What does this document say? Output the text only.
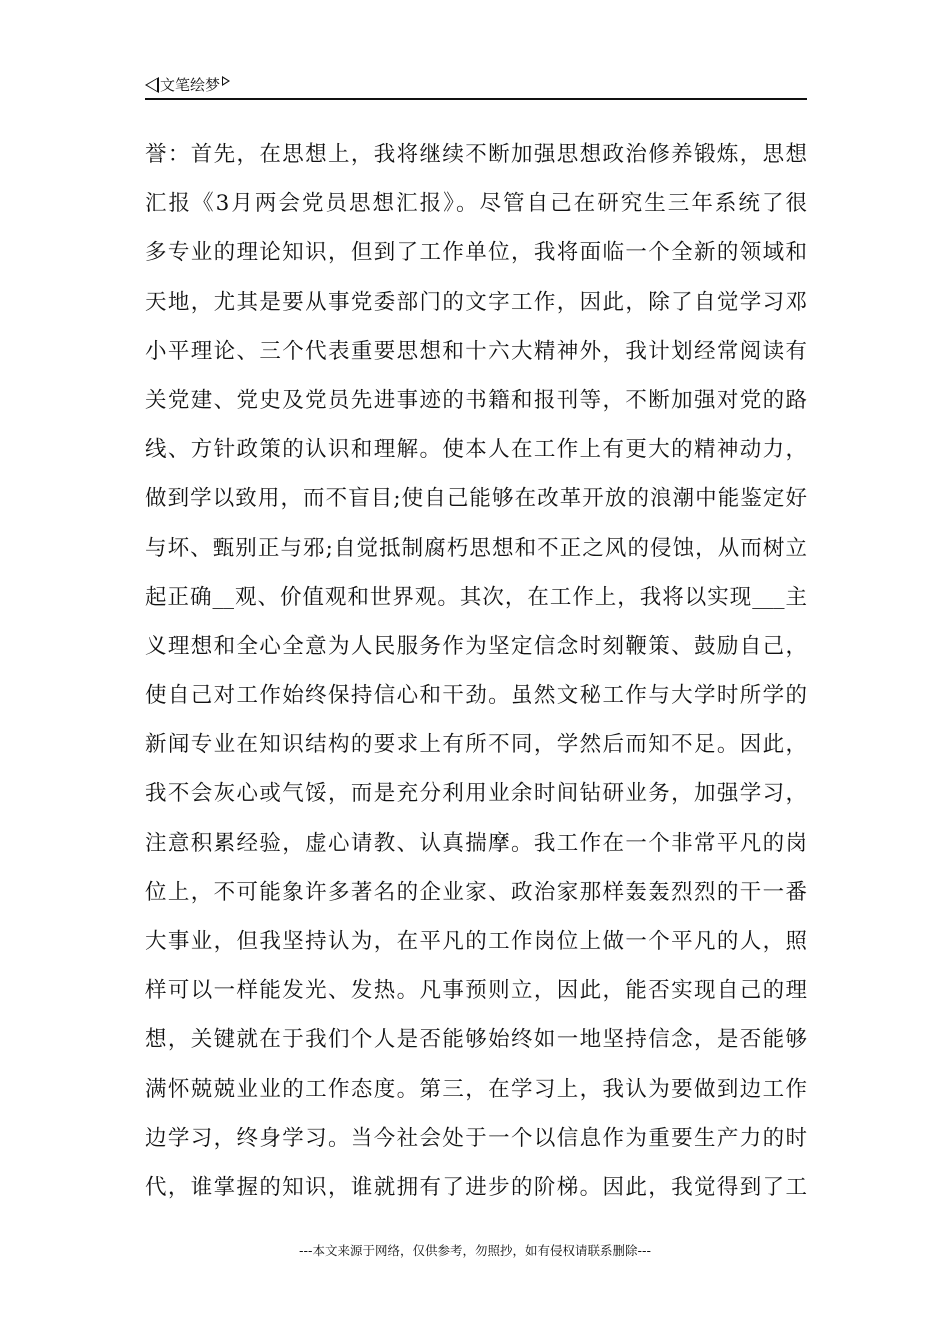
文笔绘梦
誉：首先，在思想上，我将继续不断加强思想政治修养锻炼，思想
汇报《3月两会党员思想汇报》。尽管自己在研究生三年系统了很
多专业的理论知识，但到了工作单位，我将面临一个全新的领域和
天地，尤其是要从事党委部门的文字工作，因此，除了自觉学习邓
小平理论、三个代表重要思想和十六大精神外，我计划经常阅读有
关党建、党史及党员先进事迹的书籍和报刊等，不断加强对党的路
线、方针政策的认识和理解。使本人在工作上有更大的精神动力，
做到学以致用，而不盲目;使自己能够在改革开放的浪潮中能鉴定好
与坏、甄别正与邪;自觉抵制腐朽思想和不正之风的侵蚀，从而树立
起正确__观、价值观和世界观。其次，在工作上，我将以实现___主
义理想和全心全意为人民服务作为坚定信念时刻鞭策、鼓励自己，
使自己对工作始终保持信心和干劲。虽然文秘工作与大学时所学的
新闻专业在知识结构的要求上有所不同，学然后而知不足。因此，
我不会灰心或气馁，而是充分利用业余时间钻研业务，加强学习，
注意积累经验，虚心请教、认真揣摩。我工作在一个非常平凡的岗
位上，不可能象许多著名的企业家、政治家那样轰轰烈烈的干一番
大事业，但我坚持认为，在平凡的工作岗位上做一个平凡的人，照
样可以一样能发光、发热。凡事预则立，因此，能否实现自己的理
想，关键就在于我们个人是否能够始终如一地坚持信念，是否能够
满怀兢兢业业的工作态度。第三，在学习上，我认为要做到边工作
边学习，终身学习。当今社会处于一个以信息作为重要生产力的时
代，谁掌握的知识，谁就拥有了进步的阶梯。因此，我觉得到了工
---本文来源于网络，仅供参考，勿照抄，如有侵权请联系删除---
